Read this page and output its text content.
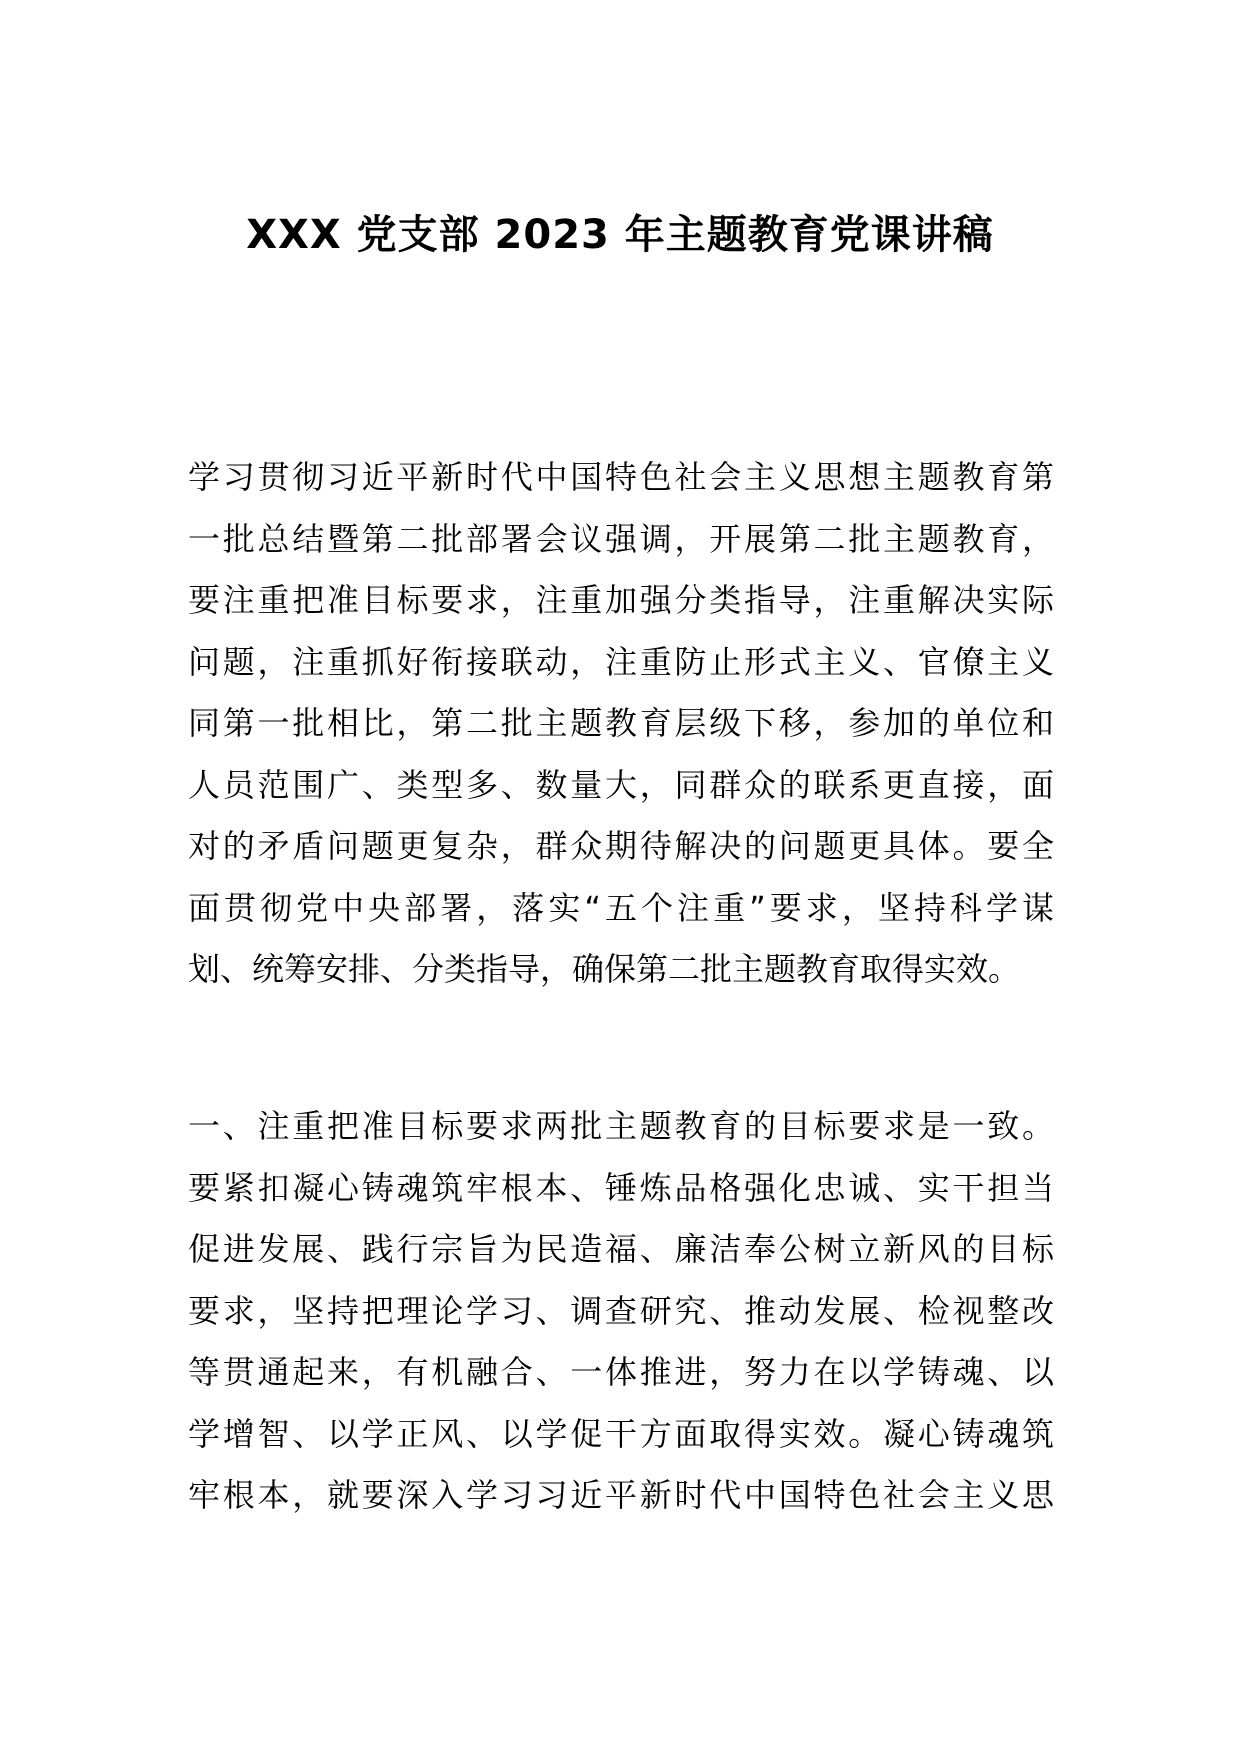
XXX 党支部 2023 年主题教育党课讲稿

学习贯彻习近平新时代中国特色社会主义思想主题教育第
一批总结暨第二批部署会议强调，开展第二批主题教育，
要注重把准目标要求，注重加强分类指导，注重解决实际
问题，注重抓好衔接联动，注重防止形式主义、官僚主义
同第一批相比，第二批主题教育层级下移，参加的单位和
人员范围广、类型多、数量大，同群众的联系更直接，面
对的矛盾问题更复杂，群众期待解决的问题更具体。要全
面贯彻党中央部署，落实“五个注重”要求，坚持科学谋
划、统筹安排、分类指导，确保第二批主题教育取得实效。

一、注重把准目标要求两批主题教育的目标要求是一致。
要紧扣凝心铸魂筑牢根本、锤炼品格强化忠诚、实干担当
促进发展、践行宗旨为民造福、廉洁奉公树立新风的目标
要求，坚持把理论学习、调查研究、推动发展、检视整改
等贯通起来，有机融合、一体推进，努力在以学铸魂、以
学增智、以学正风、以学促干方面取得实效。凝心铸魂筑
牢根本，就要深入学习习近平新时代中国特色社会主义思
